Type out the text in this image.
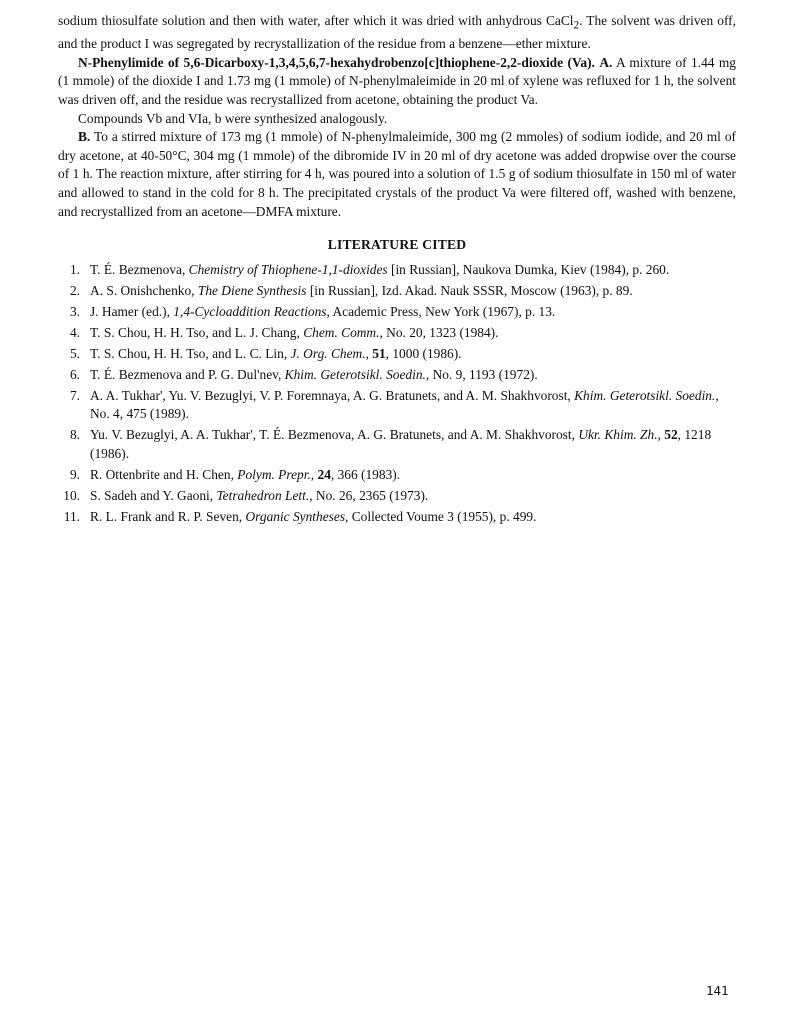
sodium thiosulfate solution and then with water, after which it was dried with anhydrous CaCl$_2$. The solvent was driven off, and the product I was segregated by recrystallization of the residue from a benzene—ether mixture.

N-Phenylimide of 5,6-Dicarboxy-1,3,4,5,6,7-hexahydrobenzo[c]thiophene-2,2-dioxide (Va). A. A mixture of 1.44 mg (1 mmole) of the dioxide I and 1.73 mg (1 mmole) of N-phenylmaleimide in 20 ml of xylene was refluxed for 1 h, the solvent was driven off, and the residue was recrystallized from acetone, obtaining the product Va.

Compounds Vb and VIa, b were synthesized analogously.

B. To a stirred mixture of 173 mg (1 mmole) of N-phenylmaleimide, 300 mg (2 mmoles) of sodium iodide, and 20 ml of dry acetone, at 40-50°C, 304 mg (1 mmole) of the dibromide IV in 20 ml of dry acetone was added dropwise over the course of 1 h. The reaction mixture, after stirring for 4 h, was poured into a solution of 1.5 g of sodium thiosulfate in 150 ml of water and allowed to stand in the cold for 8 h. The precipitated crystals of the product Va were filtered off, washed with benzene, and recrystallized from an acetone—DMFA mixture.

LITERATURE CITED
1. T. É. Bezmenova, Chemistry of Thiophene-1,1-dioxides [in Russian], Naukova Dumka, Kiev (1984), p. 260.
2. A. S. Onishchenko, The Diene Synthesis [in Russian], Izd. Akad. Nauk SSSR, Moscow (1963), p. 89.
3. J. Hamer (ed.), 1,4-Cycloaddition Reactions, Academic Press, New York (1967), p. 13.
4. T. S. Chou, H. H. Tso, and L. J. Chang, Chem. Comm., No. 20, 1323 (1984).
5. T. S. Chou, H. H. Tso, and L. C. Lin, J. Org. Chem., 51, 1000 (1986).
6. T. É. Bezmenova and P. G. Dul'nev, Khim. Geterotsikl. Soedin., No. 9, 1193 (1972).
7. A. A. Tukhar', Yu. V. Bezuglyi, V. P. Foremnaya, A. G. Bratunets, and A. M. Shakhvorost, Khim. Geterotsikl. Soedin., No. 4, 475 (1989).
8. Yu. V. Bezuglyi, A. A. Tukhar', T. É. Bezmenova, A. G. Bratunets, and A. M. Shakhvorost, Ukr. Khim. Zh., 52, 1218 (1986).
9. R. Ottenbrite and H. Chen, Polym. Prepr., 24, 366 (1983).
10. S. Sadeh and Y. Gaoni, Tetrahedron Lett., No. 26, 2365 (1973).
11. R. L. Frank and R. P. Seven, Organic Syntheses, Collected Voume 3 (1955), p. 499.
141
